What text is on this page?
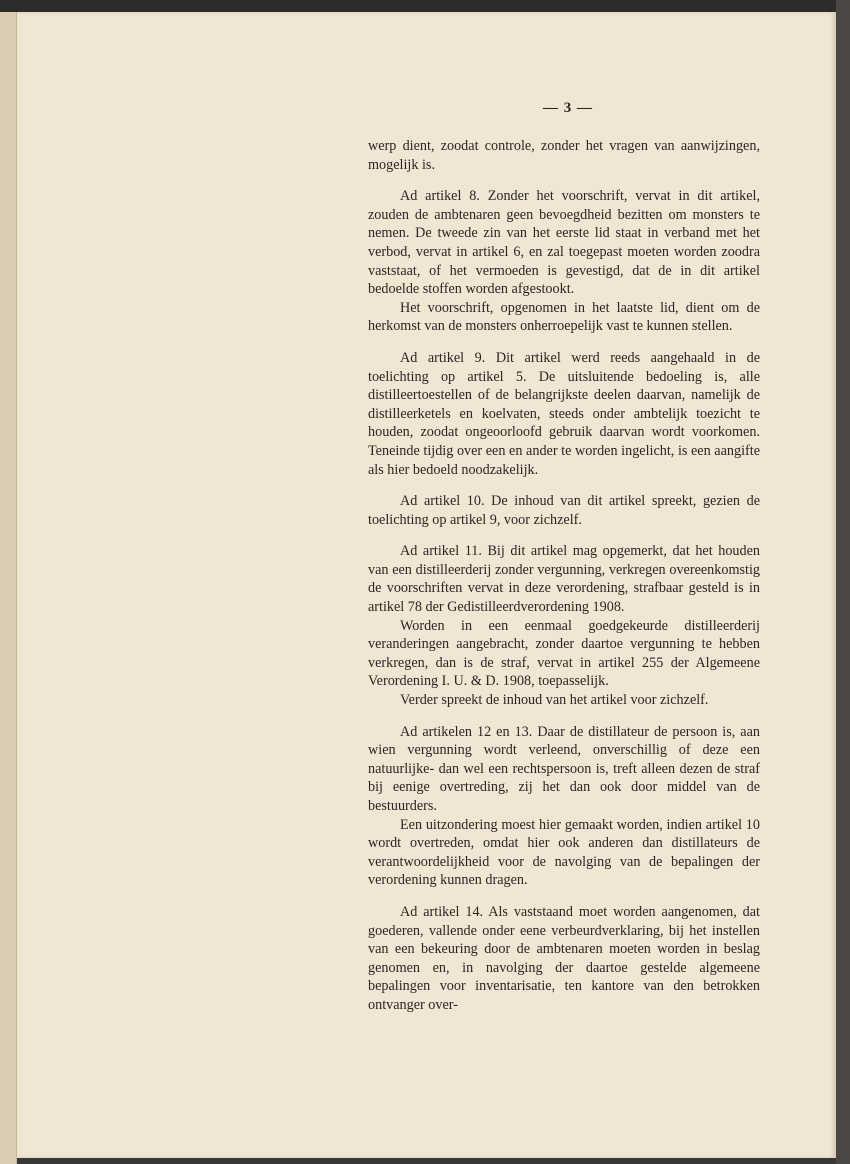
— 3 —

werp dient, zoodat controle, zonder het vragen van aanwijzingen, mogelijk is.

Ad artikel 8. Zonder het voorschrift, vervat in dit artikel, zouden de ambtenaren geen bevoegdheid bezitten om monsters te nemen. De tweede zin van het eerste lid staat in verband met het verbod, vervat in artikel 6, en zal toegepast moeten worden zoodra vaststaat, of het vermoeden is gevestigd, dat de in dit artikel bedoelde stoffen worden afgestookt.

Het voorschrift, opgenomen in het laatste lid, dient om de herkomst van de monsters onherroepelijk vast te kunnen stellen.

Ad artikel 9. Dit artikel werd reeds aangehaald in de toelichting op artikel 5. De uitsluitende bedoeling is, alle distilleertoestellen of de belangrijkste deelen daarvan, namelijk de distilleerketels en koelvaten, steeds onder ambtelijk toezicht te houden, zoodat ongeoorloofd gebruik daarvan wordt voorkomen. Teneinde tijdig over een en ander te worden ingelicht, is een aangifte als hier bedoeld noodzakelijk.

Ad artikel 10. De inhoud van dit artikel spreekt, gezien de toelichting op artikel 9, voor zichzelf.

Ad artikel 11. Bij dit artikel mag opgemerkt, dat het houden van een distilleerderij zonder vergunning, verkregen overeenkomstig de voorschriften vervat in deze verordening, strafbaar gesteld is in artikel 78 der Gedistilleerdverordening 1908.

Worden in een eenmaal goedgekeurde distilleerderij veranderingen aangebracht, zonder daartoe vergunning te hebben verkregen, dan is de straf, vervat in artikel 255 der Algemeene Verordening I. U. & D. 1908, toepasselijk.

Verder spreekt de inhoud van het artikel voor zichzelf.

Ad artikelen 12 en 13. Daar de distillateur de persoon is, aan wien vergunning wordt verleend, onverschillig of deze een natuurlijke- dan wel een rechtspersoon is, treft alleen dezen de straf bij eenige overtreding, zij het dan ook door middel van de bestuurders.

Een uitzondering moest hier gemaakt worden, indien artikel 10 wordt overtreden, omdat hier ook anderen dan distillateurs de verantwoordelijkheid voor de navolging van de bepalingen der verordening kunnen dragen.

Ad artikel 14. Als vaststaand moet worden aangenomen, dat goederen, vallende onder eene verbeurdverklaring, bij het instellen van een bekeuring door de ambtenaren moeten worden in beslag genomen en, in navolging der daartoe gestelde algemeene bepalingen voor inventarisatie, ten kantore van den betrokken ontvanger over-
